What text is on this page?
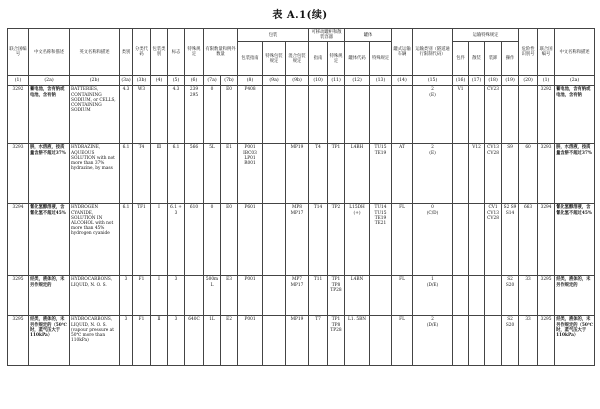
表 A.1(续)
联合国编号	中文名称和描述	英文名称和描述	类别	分类代码	包装类别	标志	特殊规定	有限数量和例外数量		包装			可移动罐柜和散装容器		罐体		罐式运输车辆	运输类别（隧道通行限制代码）	运输特殊规定				危险性识别号	联合国编号	中文名称和描述
										包装指南	特殊包装规定	混合包装规定	指南	特殊规定	罐体代码	特殊规定			包件	散装	装卸	操作			
(1)	(2a)	(2b)	(3a)	(3b)	(4)	(5)	(6)	(7a)	(7b)	(8)	(9a)	(9b)	(10)	(11)	(12)	(13)	(14)	(15)	(16)	(17)	(18)	(19)	(20)	(1)	(2a)
3292	蓄电池，含有钠或电池，含有钠	BATTERIES, CONTAINING SODIUM, or CELLS, CONTAINING SODIUM	4.3	W3		4.3	239 295	0	E0	P408								2
(E)	V1		CV23			3292	蓄电池，含有钠或电池，含有钠
3293	肼，水溶液，按质量含肼不超过37%	HYDRAZINE, AQUEOUS SOLUTION with not more than 37% hydrazine, by mass	6.1	T4	Ⅲ	6.1	566	5L	E1	P001 IBC03 LP01 R001		MP19	T4	TP1	L4BH	TU15 TE19	AT	2
(E)		V12	CV13 CV28	S9	60	3293	肼，水溶液，按质量含肼不超过37%
3294	氰化氢醇溶液，含氰化氢不超过45%	HYDROGEN CYANIDE, SOLUTION IN ALCOHOL with not more than 45% hydrogen cyanide	6.1	TF1	Ⅰ	6.1 + 3	610	0	E0	P601		MP8 MP17	T14	TP2	L15DH (+)	TU14 TU15 TE19 TE21	FL	0
(C/D)			CV1 CV13 CV28	S2 S9 S14	663	3294	氰化氢醇溶液，含氰化氢不超过45%
3295	烃类，液体的，未另作规定的	HYDROCARBONS, LIQUID, N. O. S.	3	F1	Ⅰ	3		500mL	E3	P001		MP7 MP17	T11	TP1 TP8 TP28	L4BN		FL	1
(D/E)				S2 S20	33	3295	烃类，液体的，未另作规定的
3295	烃类，液体的，未另作规定的（50℃时，蒸气压大于110kPa）	HYDROCARBONS, LIQUID, N. O. S. (vapour pressure at 50℃ more than 110kPa)	3	F1	Ⅱ	3	640C	1L	E2	P001		MP19	T7	TP1 TP8 TP28	L1. 5BN		FL	2
(D/E)				S2 S20	33	3295	烃类，液体的，未另作规定的（50℃时，蒸气压大于110kPa）
